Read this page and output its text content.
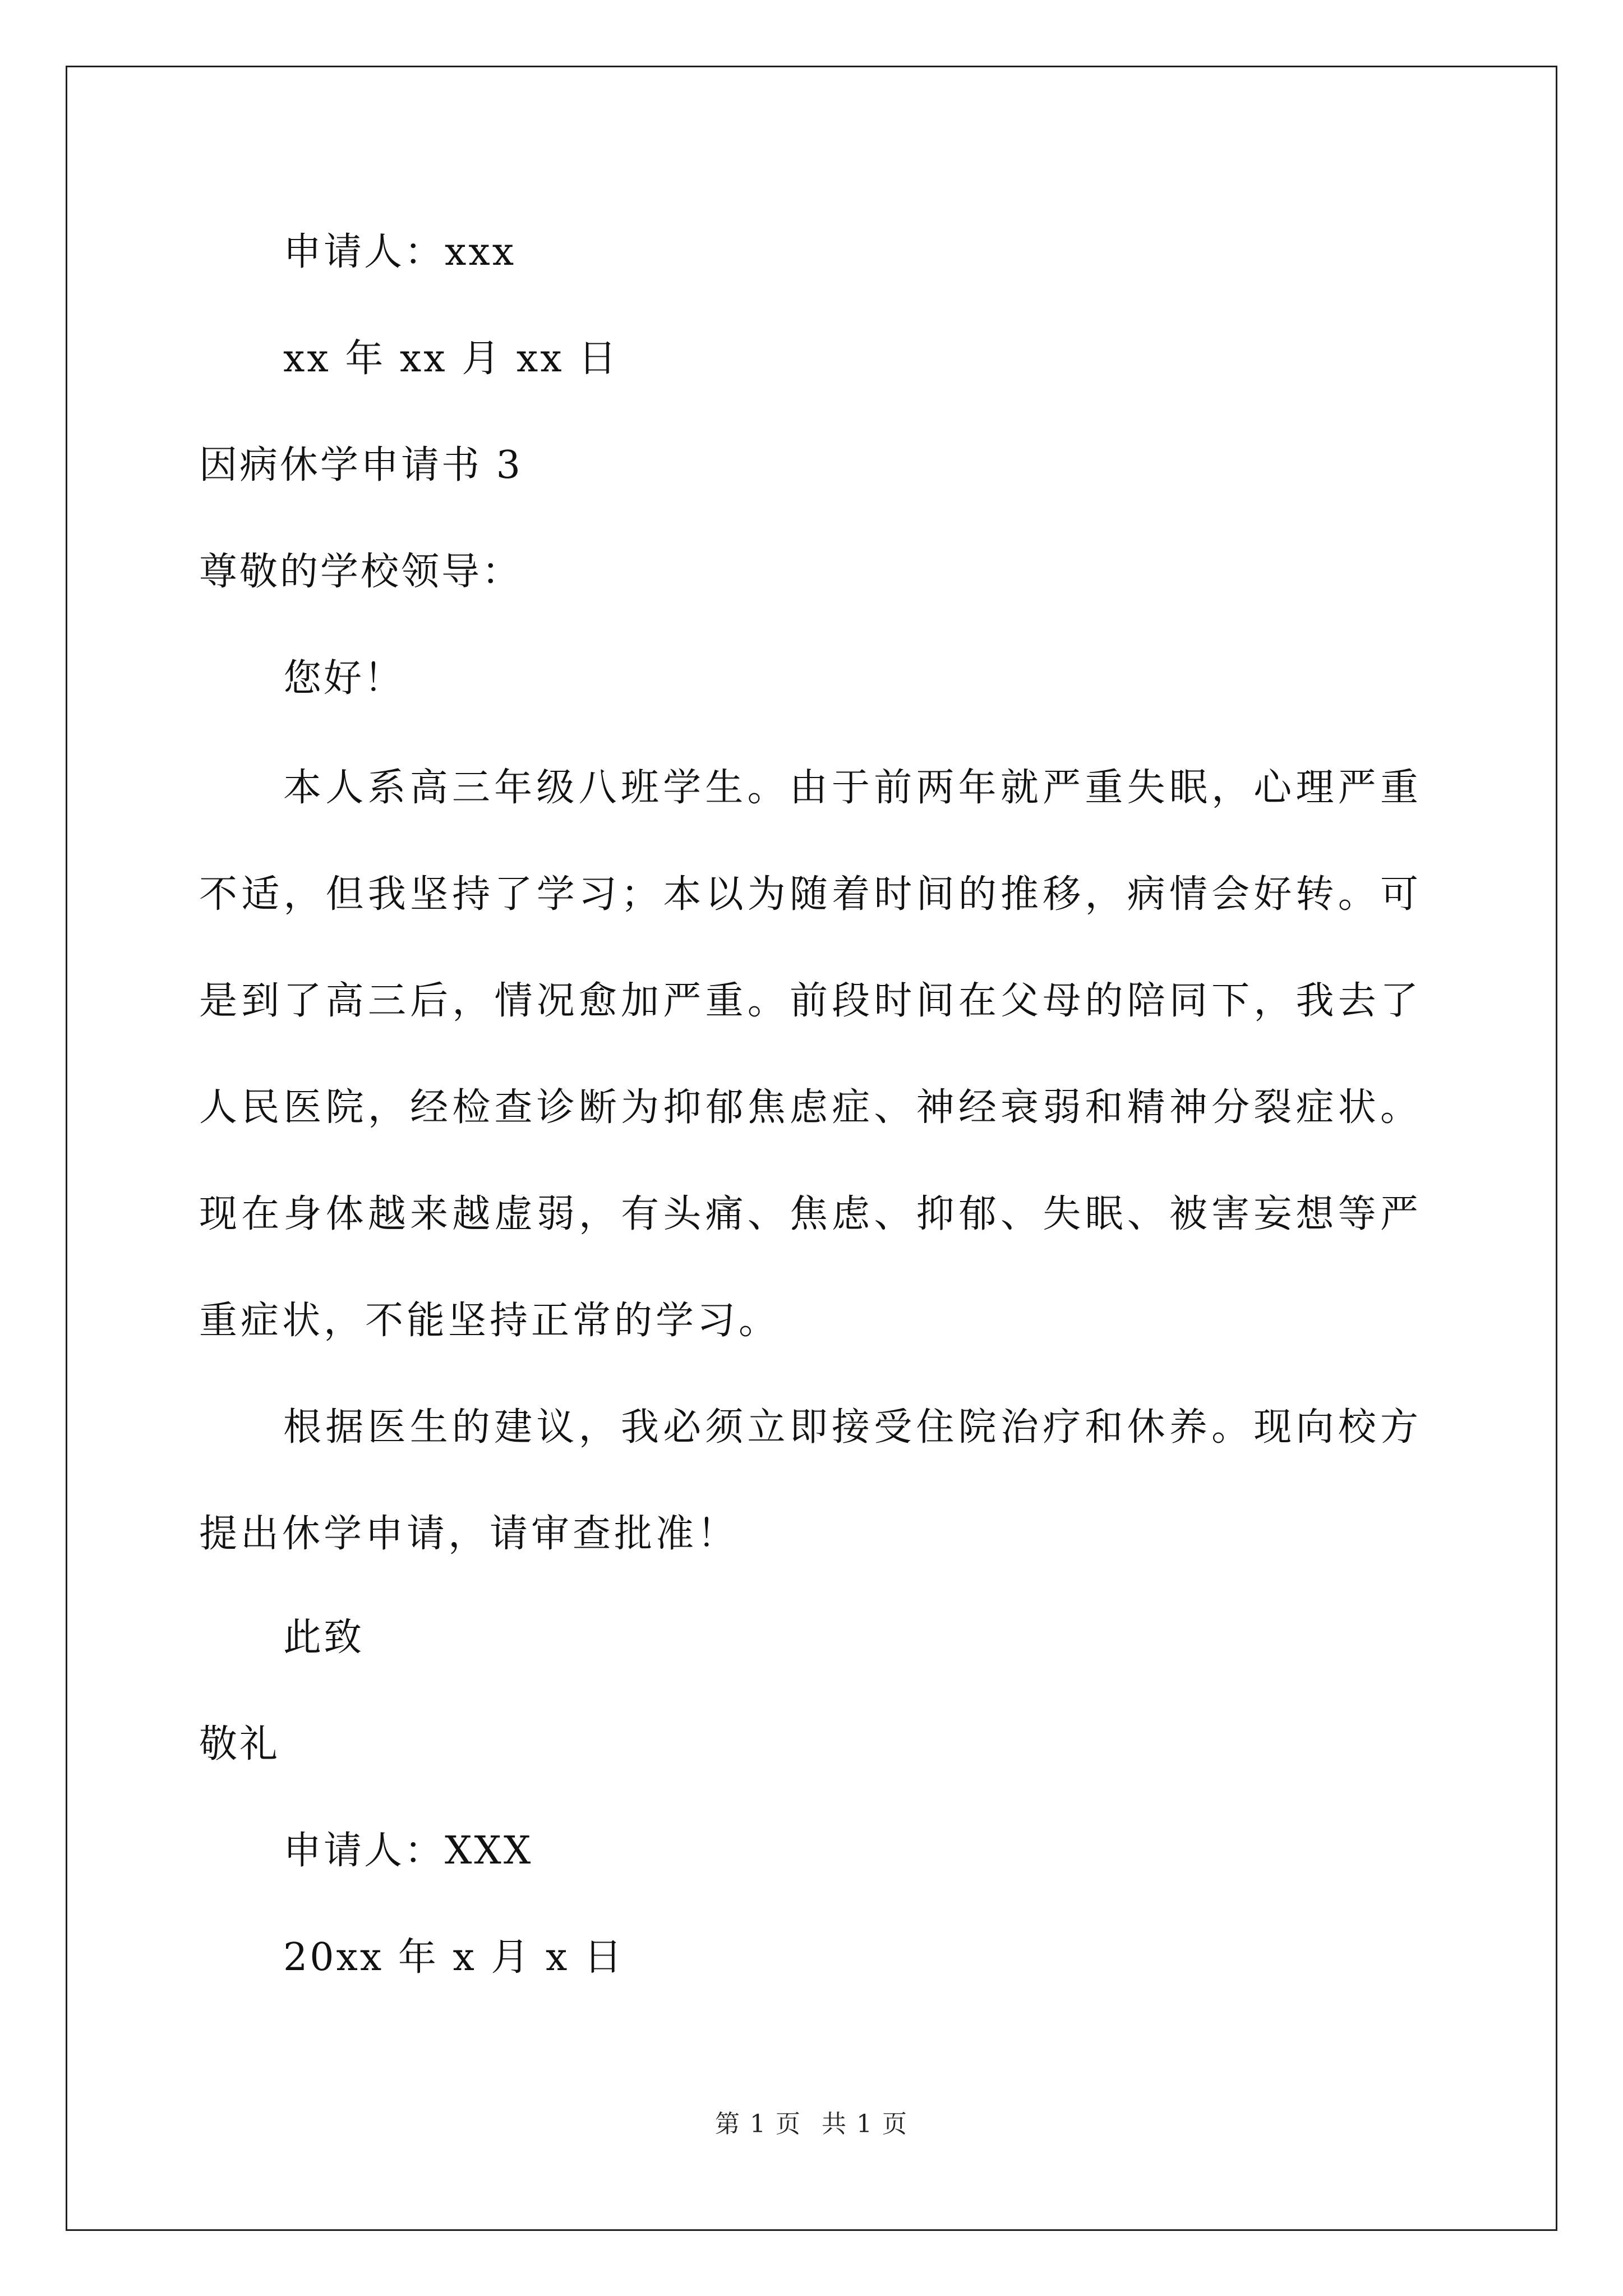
申请人：xxx
xx 年 xx 月 xx 日
因病休学申请书 3
尊敬的学校领导：
您好！
本人系高三年级八班学生。由于前两年就严重失眠，心理严重不适，但我坚持了学习；本以为随着时间的推移，病情会好转。可是到了高三后，情况愈加严重。前段时间在父母的陪同下，我去了人民医院，经检查诊断为抑郁焦虑症、神经衰弱和精神分裂症状。现在身体越来越虚弱，有头痛、焦虑、抑郁、失眠、被害妄想等严重症状，不能坚持正常的学习。
根据医生的建议，我必须立即接受住院治疗和休养。现向校方提出休学申请，请审查批准！
此致
敬礼
申请人：XXX
20xx 年 x 月 x 日
第 1 页 共 1 页
